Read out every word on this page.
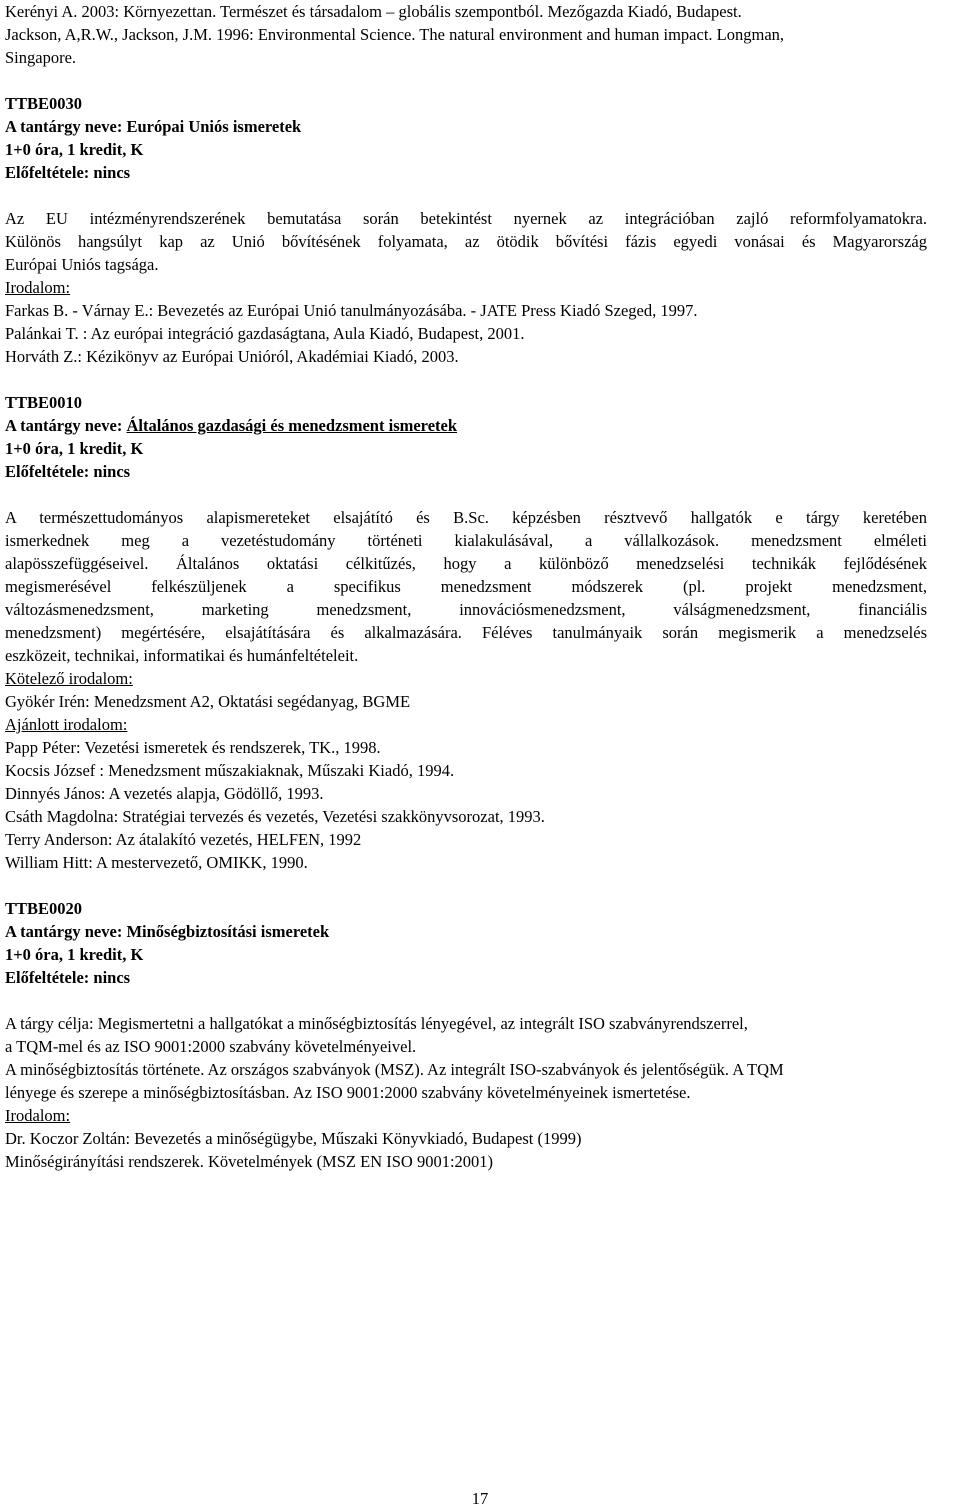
Kerényi A. 2003: Környezettan. Természet és társadalom – globális szempontból. Mezőgazda Kiadó, Budapest.
Jackson, A,R.W., Jackson, J.M. 1996: Environmental Science. The natural environment and human impact. Longman,
Singapore.
TTBE0030
A tantárgy neve: Európai Uniós ismeretek
1+0 óra, 1 kredit, K
Előfeltétele: nincs
Az EU intézményrendszerének bemutatása során betekintést nyernek az integrációban zajló reformfolyamatokra.
Különös hangsúlyt kap az Unió bővítésének folyamata, az ötödik bővítési fázis egyedi vonásai és Magyarország
Európai Uniós tagsága.
Irodalom:
Farkas B. - Várnay E.: Bevezetés az Európai Unió tanulmányozásába. - JATE Press Kiadó Szeged, 1997.
Palánkai T. : Az európai integráció gazdaságtana, Aula Kiadó, Budapest, 2001.
Horváth Z.: Kézikönyv az Európai Unióról, Akadémiai Kiadó, 2003.
TTBE0010
A tantárgy neve: Általános gazdasági és menedzsment ismeretek
1+0 óra, 1 kredit, K
Előfeltétele: nincs
A természettudományos alapismereteket elsajátító és B.Sc. képzésben résztvevő hallgatók e tárgy keretében
ismerkednek meg a vezetéstudomány történeti kialakulásával, a vállalkozások. menedzsment elméleti
alapösszefüggéseivel. Általános oktatási célkitűzés, hogy a különböző menedzselési technikák fejlődésének
megismerésével felkészüljenek a specifikus menedzsment módszerek (pl. projekt menedzsment,
változásmenedzsment, marketing menedzsment, innovációsmenedzsment, válságmenedzsment, financiális
menedzsment) megértésére, elsajátítására és alkalmazására. Féléves tanulmányaik során megismerik a menedzselés
eszközeit, technikai, informatikai és humánfeltételeit.
Kötelező irodalom:
Gyökér Irén: Menedzsment A2, Oktatási segédanyag, BGME
Ajánlott irodalom:
Papp Péter: Vezetési ismeretek és rendszerek, TK., 1998.
Kocsis József : Menedzsment műszakiaknak, Műszaki Kiadó, 1994.
Dinnyés János: A vezetés alapja, Gödöllő, 1993.
Csáth Magdolna: Stratégiai tervezés és vezetés, Vezetési szakkönyvsorozat, 1993.
Terry Anderson: Az átalakító vezetés, HELFEN, 1992
William Hitt: A mestervezető, OMIKK, 1990.
TTBE0020
A tantárgy neve: Minőségbiztosítási ismeretek
1+0 óra, 1 kredit, K
Előfeltétele: nincs
A tárgy célja: Megismertetni a hallgatókat a minőségbiztosítás lényegével, az integrált ISO szabványrendszerrel,
a TQM-mel és az ISO 9001:2000 szabvány követelményeivel.
A minőségbiztosítás története. Az országos szabványok (MSZ). Az integrált ISO-szabványok és jelentőségük. A TQM
lényege és szerepe a minőségbiztosításban. Az ISO 9001:2000 szabvány követelményeinek ismertetése.
Irodalom:
Dr. Koczor Zoltán: Bevezetés a minőségügybe, Műszaki Könyvkiadó, Budapest (1999)
Minőségirányítási rendszerek. Követelmények (MSZ EN ISO 9001:2001)
17
